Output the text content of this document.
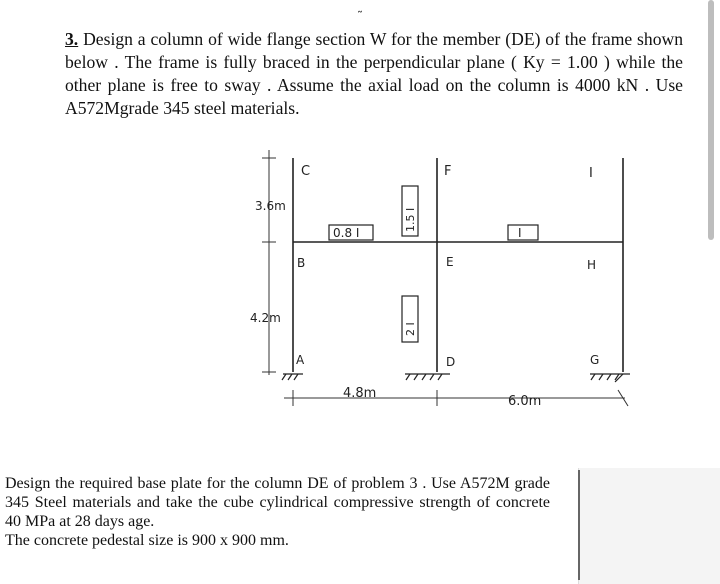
3. Design a column of wide flange section W for the member (DE) of the frame shown below . The frame is fully braced in the perpendicular plane ( Ky = 1.00 ) while the other plane is free to sway . Assume the axial load on the column is 4000 kN . Use A572Mgrade 345 steel materials.
˷
0.8 I	I
1.5 I
2 I
C	F	I
B	E	H
A	D	G
3.6m
4.2m
4.8m
6.0m
Design the required base plate for the column DE of problem 3 . Use A572M grade 345 Steel materials and take the cube cylindrical compressive strength of concrete 40 MPa at 28 days age.
The concrete pedestal size is 900 x 900 mm.
